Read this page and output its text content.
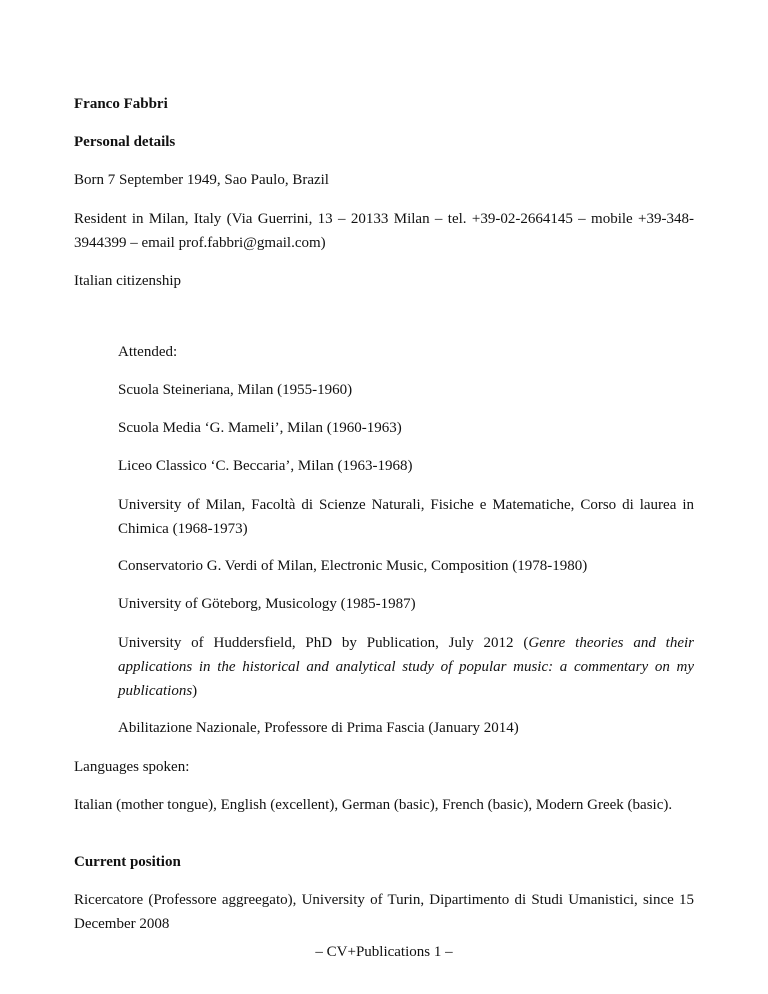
Franco Fabbri

Personal details

Born 7 September 1949, Sao Paulo, Brazil

Resident in Milan, Italy (Via Guerrini, 13 – 20133 Milan – tel. +39-02-2664145 – mobile +39-348-3944399 – email prof.fabbri@gmail.com)

Italian citizenship

Attended:

Scuola Steineriana, Milan (1955-1960)

Scuola Media ‘G. Mameli’, Milan (1960-1963)

Liceo Classico ‘C. Beccaria’, Milan (1963-1968)

University of Milan, Facoltà di Scienze Naturali, Fisiche e Matematiche, Corso di laurea in Chimica (1968-1973)

Conservatorio G. Verdi of Milan, Electronic Music, Composition (1978-1980)

University of Göteborg, Musicology (1985-1987)

University of Huddersfield, PhD by Publication, July 2012 (Genre theories and their applications in the historical and analytical study of popular music: a commentary on my publications)

Abilitazione Nazionale, Professore di Prima Fascia (January 2014)

Languages spoken:

Italian (mother tongue), English (excellent), German (basic), French (basic), Modern Greek (basic).

Current position

Ricercatore (Professore aggreegato), University of Turin, Dipartimento di Studi Umanistici, since 15 December 2008

– CV+Publications 1 –
